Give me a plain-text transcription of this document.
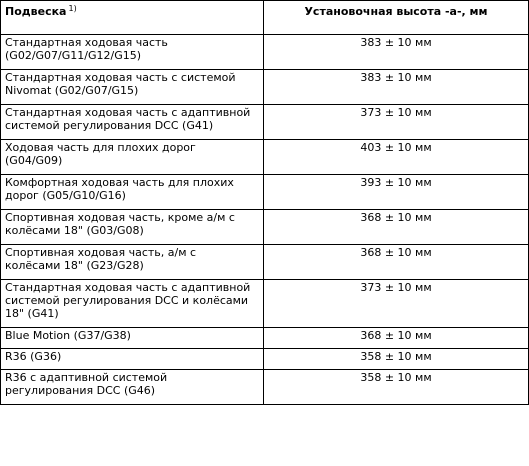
Подвеска $^{1)}$	Установочная высота -a-, мм

Стандартная ходовая часть
(G02/G07/G11/G12/G15)	383 ± 10 мм

Стандартная ходовая часть с системой
Nivomat (G02/G07/G15)	383 ± 10 мм

Стандартная ходовая часть с адаптивной
системой регулирования DCC (G41)	373 ± 10 мм

Ходовая часть для плохих дорог
(G04/G09)	403 ± 10 мм

Комфортная ходовая часть для плохих
дорог (G05/G10/G16)	393 ± 10 мм

Спортивная ходовая часть, кроме а/м с
колёсами 18" (G03/G08)	368 ± 10 мм

Спортивная ходовая часть, а/м с
колёсами 18" (G23/G28)	368 ± 10 мм

Стандартная ходовая часть с адаптивной
системой регулирования DCC и колёсами
18" (G41)	373 ± 10 мм

Blue Motion (G37/G38)	368 ± 10 мм

R36 (G36)	358 ± 10 мм

R36 с адаптивной системой
регулирования DCC (G46)	358 ± 10 мм
